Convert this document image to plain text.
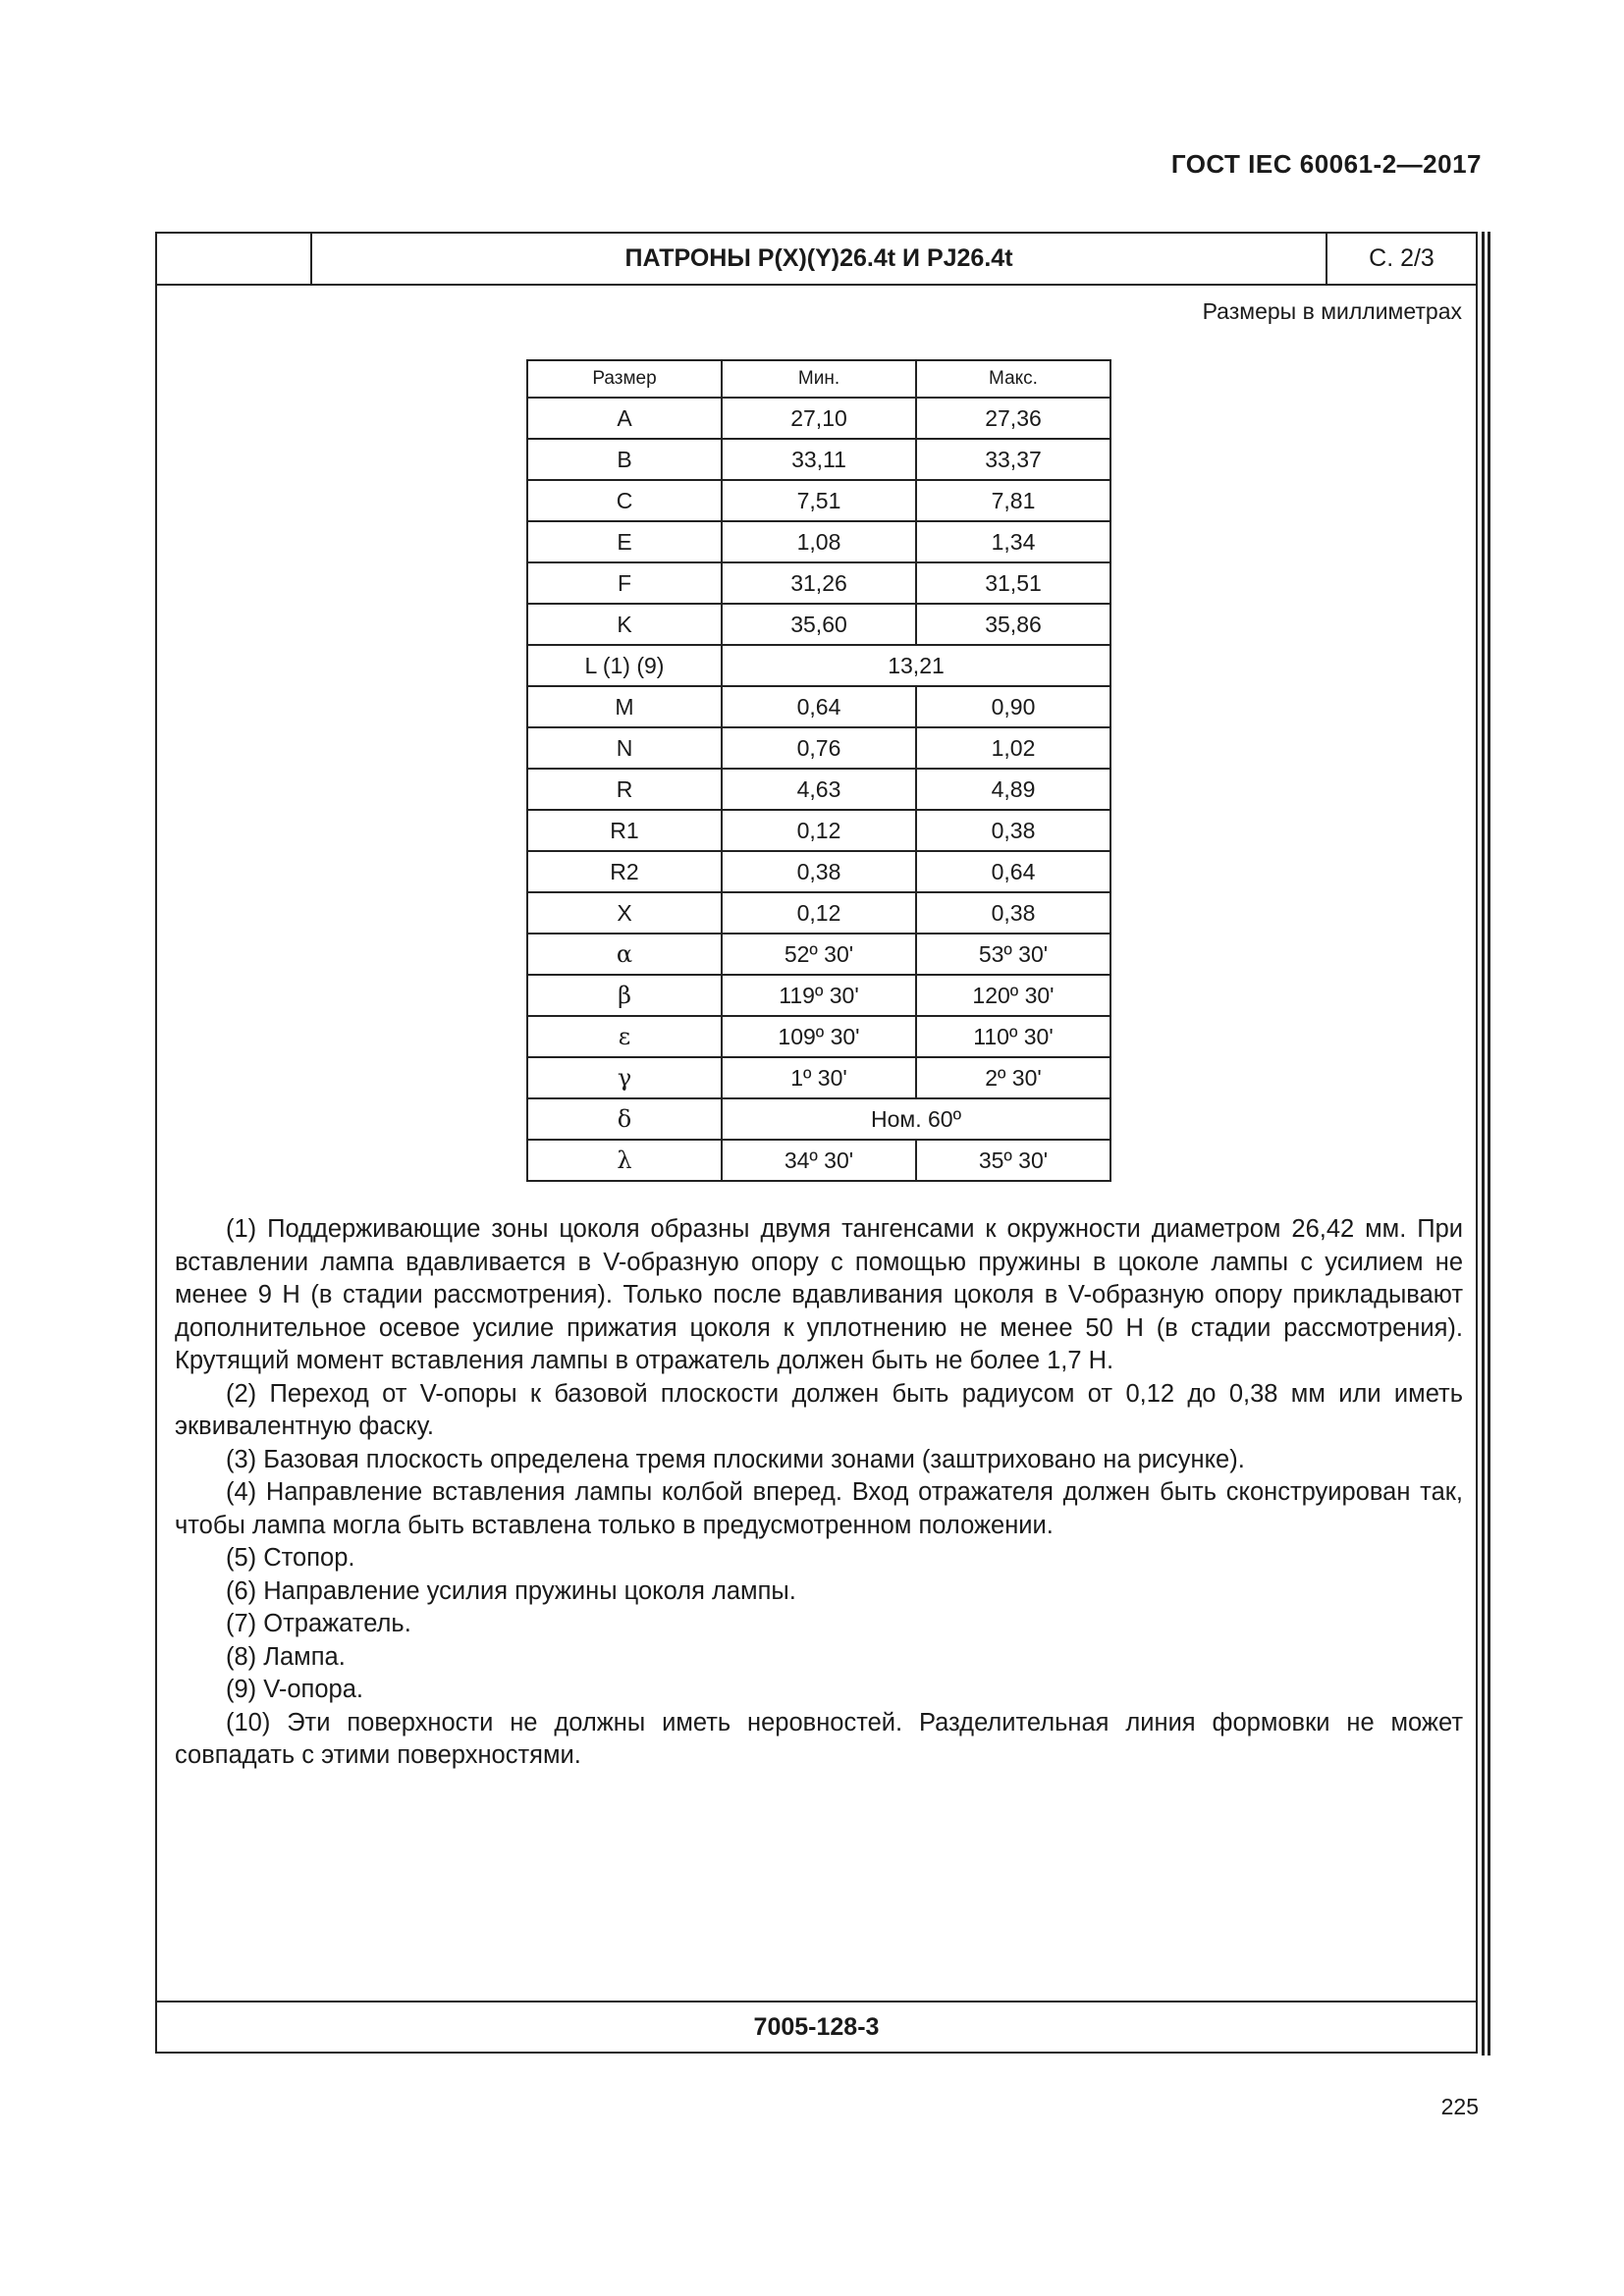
ГОСТ IEC 60061-2—2017
ПАТРОНЫ P(X)(Y)26.4t И PJ26.4t	С. 2/3
Размеры в миллиметрах
Размер	Мин.	Макс.
A	27,10	27,36
B	33,11	33,37
C	7,51	7,81
E	1,08	1,34
F	31,26	31,51
K	35,60	35,86
L (1) (9)	13,21	
M	0,64	0,90
N	0,76	1,02
R	4,63	4,89
R1	0,12	0,38
R2	0,38	0,64
X	0,12	0,38
α	52º 30'	53º 30'
β	119º 30'	120º 30'
ε	109º 30'	110º 30'
γ	1º 30'	2º 30'
δ	Ном. 60º	
λ	34º 30'	35º 30'

(1) Поддерживающие зоны цоколя образны двумя тангенсами к окружности диаметром 26,42 мм. При вставлении лампа вдавливается в V-образную опору с помощью пружины в цоколе лампы с усилием не менее 9 Н (в стадии рассмотрения). Только после вдавливания цоколя в V-образную опору прикладывают дополнительное осевое усилие прижатия цоколя к уплотнению не менее 50 Н (в стадии рассмотрения). Крутящий момент вставления лампы в отражатель должен быть не более 1,7 Н.

(2) Переход от V-опоры к базовой плоскости должен быть радиусом от 0,12 до 0,38 мм или иметь эквивалентную фаску.

(3) Базовая плоскость определена тремя плоскими зонами (заштриховано на рисунке).

(4) Направление вставления лампы колбой вперед. Вход отражателя должен быть сконструирован так, чтобы лампа могла быть вставлена только в предусмотренном положении.

(5) Стопор.

(6) Направление усилия пружины цоколя лампы.

(7) Отражатель.

(8) Лампа.

(9) V-опора.

(10) Эти поверхности не должны иметь неровностей. Разделительная линия формовки не может совпадать с этими поверхностями.

7005-128-3
225
